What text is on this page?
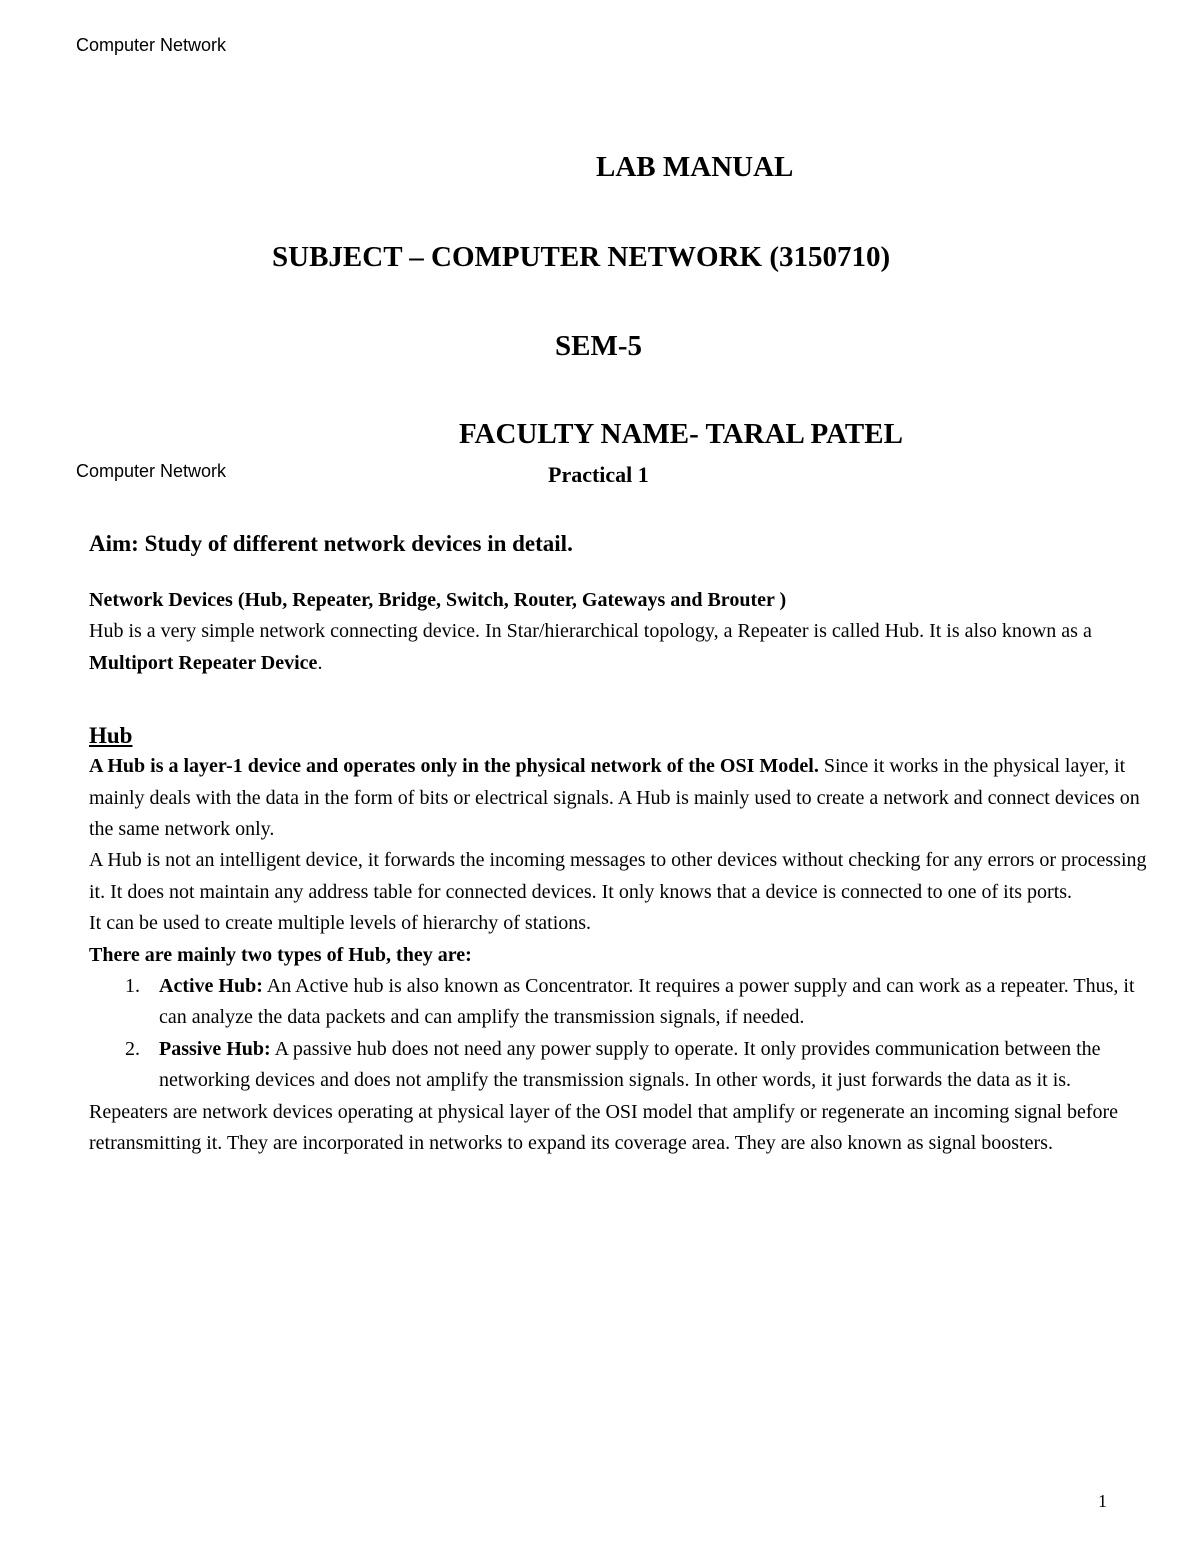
Computer Network
LAB MANUAL
SUBJECT – COMPUTER NETWORK (3150710)
SEM-5
FACULTY NAME- TARAL PATEL
Computer Network	Practical 1
Aim: Study of different network devices in detail.

Network Devices (Hub, Repeater, Bridge, Switch, Router, Gateways and Brouter )

Hub is a very simple network connecting device. In Star/hierarchical topology, a Repeater is called Hub. It is also known as a Multiport Repeater Device.

Hub

A Hub is a layer-1 device and operates only in the physical network of the OSI Model. Since it works in the physical layer, it mainly deals with the data in the form of bits or electrical signals. A Hub is mainly used to create a network and connect devices on the same network only.

A Hub is not an intelligent device, it forwards the incoming messages to other devices without checking for any errors or processing it. It does not maintain any address table for connected devices. It only knows that a device is connected to one of its ports.

It can be used to create multiple levels of hierarchy of stations.

There are mainly two types of Hub, they are:

1. Active Hub: An Active hub is also known as Concentrator. It requires a power supply and can work as a repeater. Thus, it can analyze the data packets and can amplify the transmission signals, if needed.
2. Passive Hub: A passive hub does not need any power supply to operate. It only provides communication between the networking devices and does not amplify the transmission signals. In other words, it just forwards the data as it is.

Repeaters are network devices operating at physical layer of the OSI model that amplify or regenerate an incoming signal before retransmitting it. They are incorporated in networks to expand its coverage area. They are also known as signal boosters.

1
